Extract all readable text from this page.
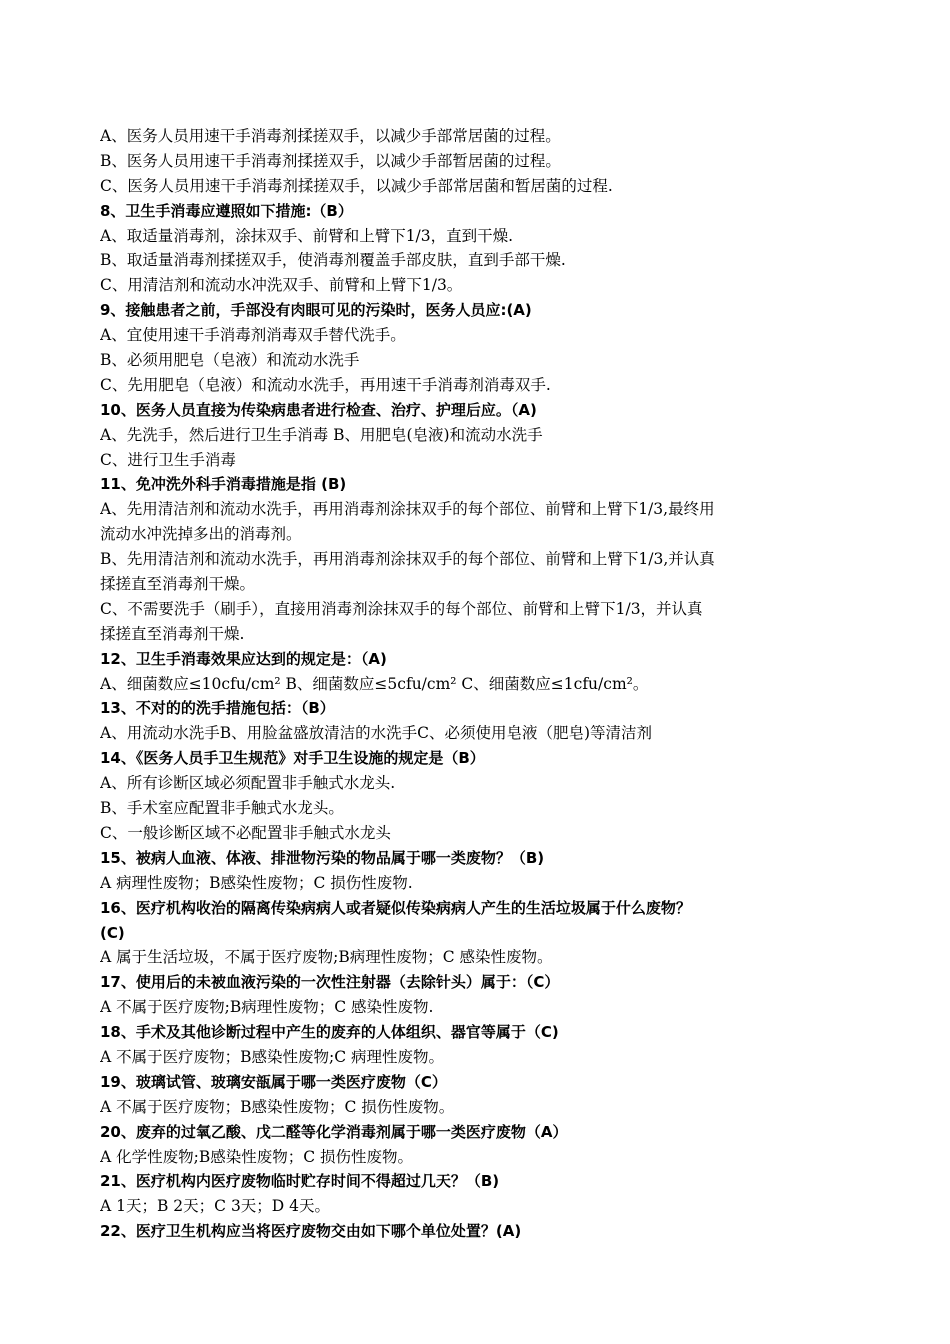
A、医务人员用速干手消毒剂揉搓双手，以减少手部常居菌的过程。
B、医务人员用速干手消毒剂揉搓双手，以减少手部暂居菌的过程。
C、医务人员用速干手消毒剂揉搓双手，以减少手部常居菌和暂居菌的过程.
8、卫生手消毒应遵照如下措施:（B）
A、取适量消毒剂，涂抹双手、前臂和上臂下1/3，直到干燥.
B、取适量消毒剂揉搓双手，使消毒剂覆盖手部皮肤，直到手部干燥.
C、用清洁剂和流动水冲洗双手、前臂和上臂下1/3。
9、接触患者之前，手部没有肉眼可见的污染时，医务人员应:(A)
A、宜使用速干手消毒剂消毒双手替代洗手。
B、必须用肥皂（皂液）和流动水洗手
C、先用肥皂（皂液）和流动水洗手，再用速干手消毒剂消毒双手.
10、医务人员直接为传染病患者进行检查、治疗、护理后应。（A)
A、先洗手，然后进行卫生手消毒 B、用肥皂(皂液)和流动水洗手
C、进行卫生手消毒
11、免冲洗外科手消毒措施是指 (B)
A、先用清洁剂和流动水洗手，再用消毒剂涂抹双手的每个部位、前臂和上臂下1/3,最终用
流动水冲洗掉多出的消毒剂。
B、先用清洁剂和流动水洗手，再用消毒剂涂抹双手的每个部位、前臂和上臂下1/3,并认真
揉搓直至消毒剂干燥。
C、不需要洗手（刷手），直接用消毒剂涂抹双手的每个部位、前臂和上臂下1/3，并认真
揉搓直至消毒剂干燥.
12、卫生手消毒效果应达到的规定是：（A)
A、细菌数应≤10cfu/cm² B、细菌数应≤5cfu/cm² C、细菌数应≤1cfu/cm²。
13、不对的的洗手措施包括：（B）
A、用流动水洗手B、用脸盆盛放清洁的水洗手C、必须使用皂液（肥皂)等清洁剂
14、《医务人员手卫生规范》对手卫生设施的规定是（B）
A、所有诊断区域必须配置非手触式水龙头.
B、手术室应配置非手触式水龙头。
C、一般诊断区域不必配置非手触式水龙头
15、被病人血液、体液、排泄物污染的物品属于哪一类废物？（B)
A 病理性废物；B感染性废物；C 损伤性废物.
16、医疗机构收治的隔离传染病病人或者疑似传染病病人产生的生活垃圾属于什么废物？
(C)
A 属于生活垃圾，不属于医疗废物;B病理性废物；C 感染性废物。
17、使用后的未被血液污染的一次性注射器（去除针头）属于：（C）
A 不属于医疗废物;B病理性废物；C 感染性废物.
18、手术及其他诊断过程中产生的废弃的人体组织、器官等属于（C)
A 不属于医疗废物；B感染性废物;C 病理性废物。
19、玻璃试管、玻璃安瓿属于哪一类医疗废物（C）
A 不属于医疗废物；B感染性废物；C 损伤性废物。
20、废弃的过氧乙酸、戊二醛等化学消毒剂属于哪一类医疗废物（A）
A 化学性废物;B感染性废物；C 损伤性废物。
21、医疗机构内医疗废物临时贮存时间不得超过几天？（B)
A 1天；B 2天；C 3天；D 4天。
22、医疗卫生机构应当将医疗废物交由如下哪个单位处置？(A)
